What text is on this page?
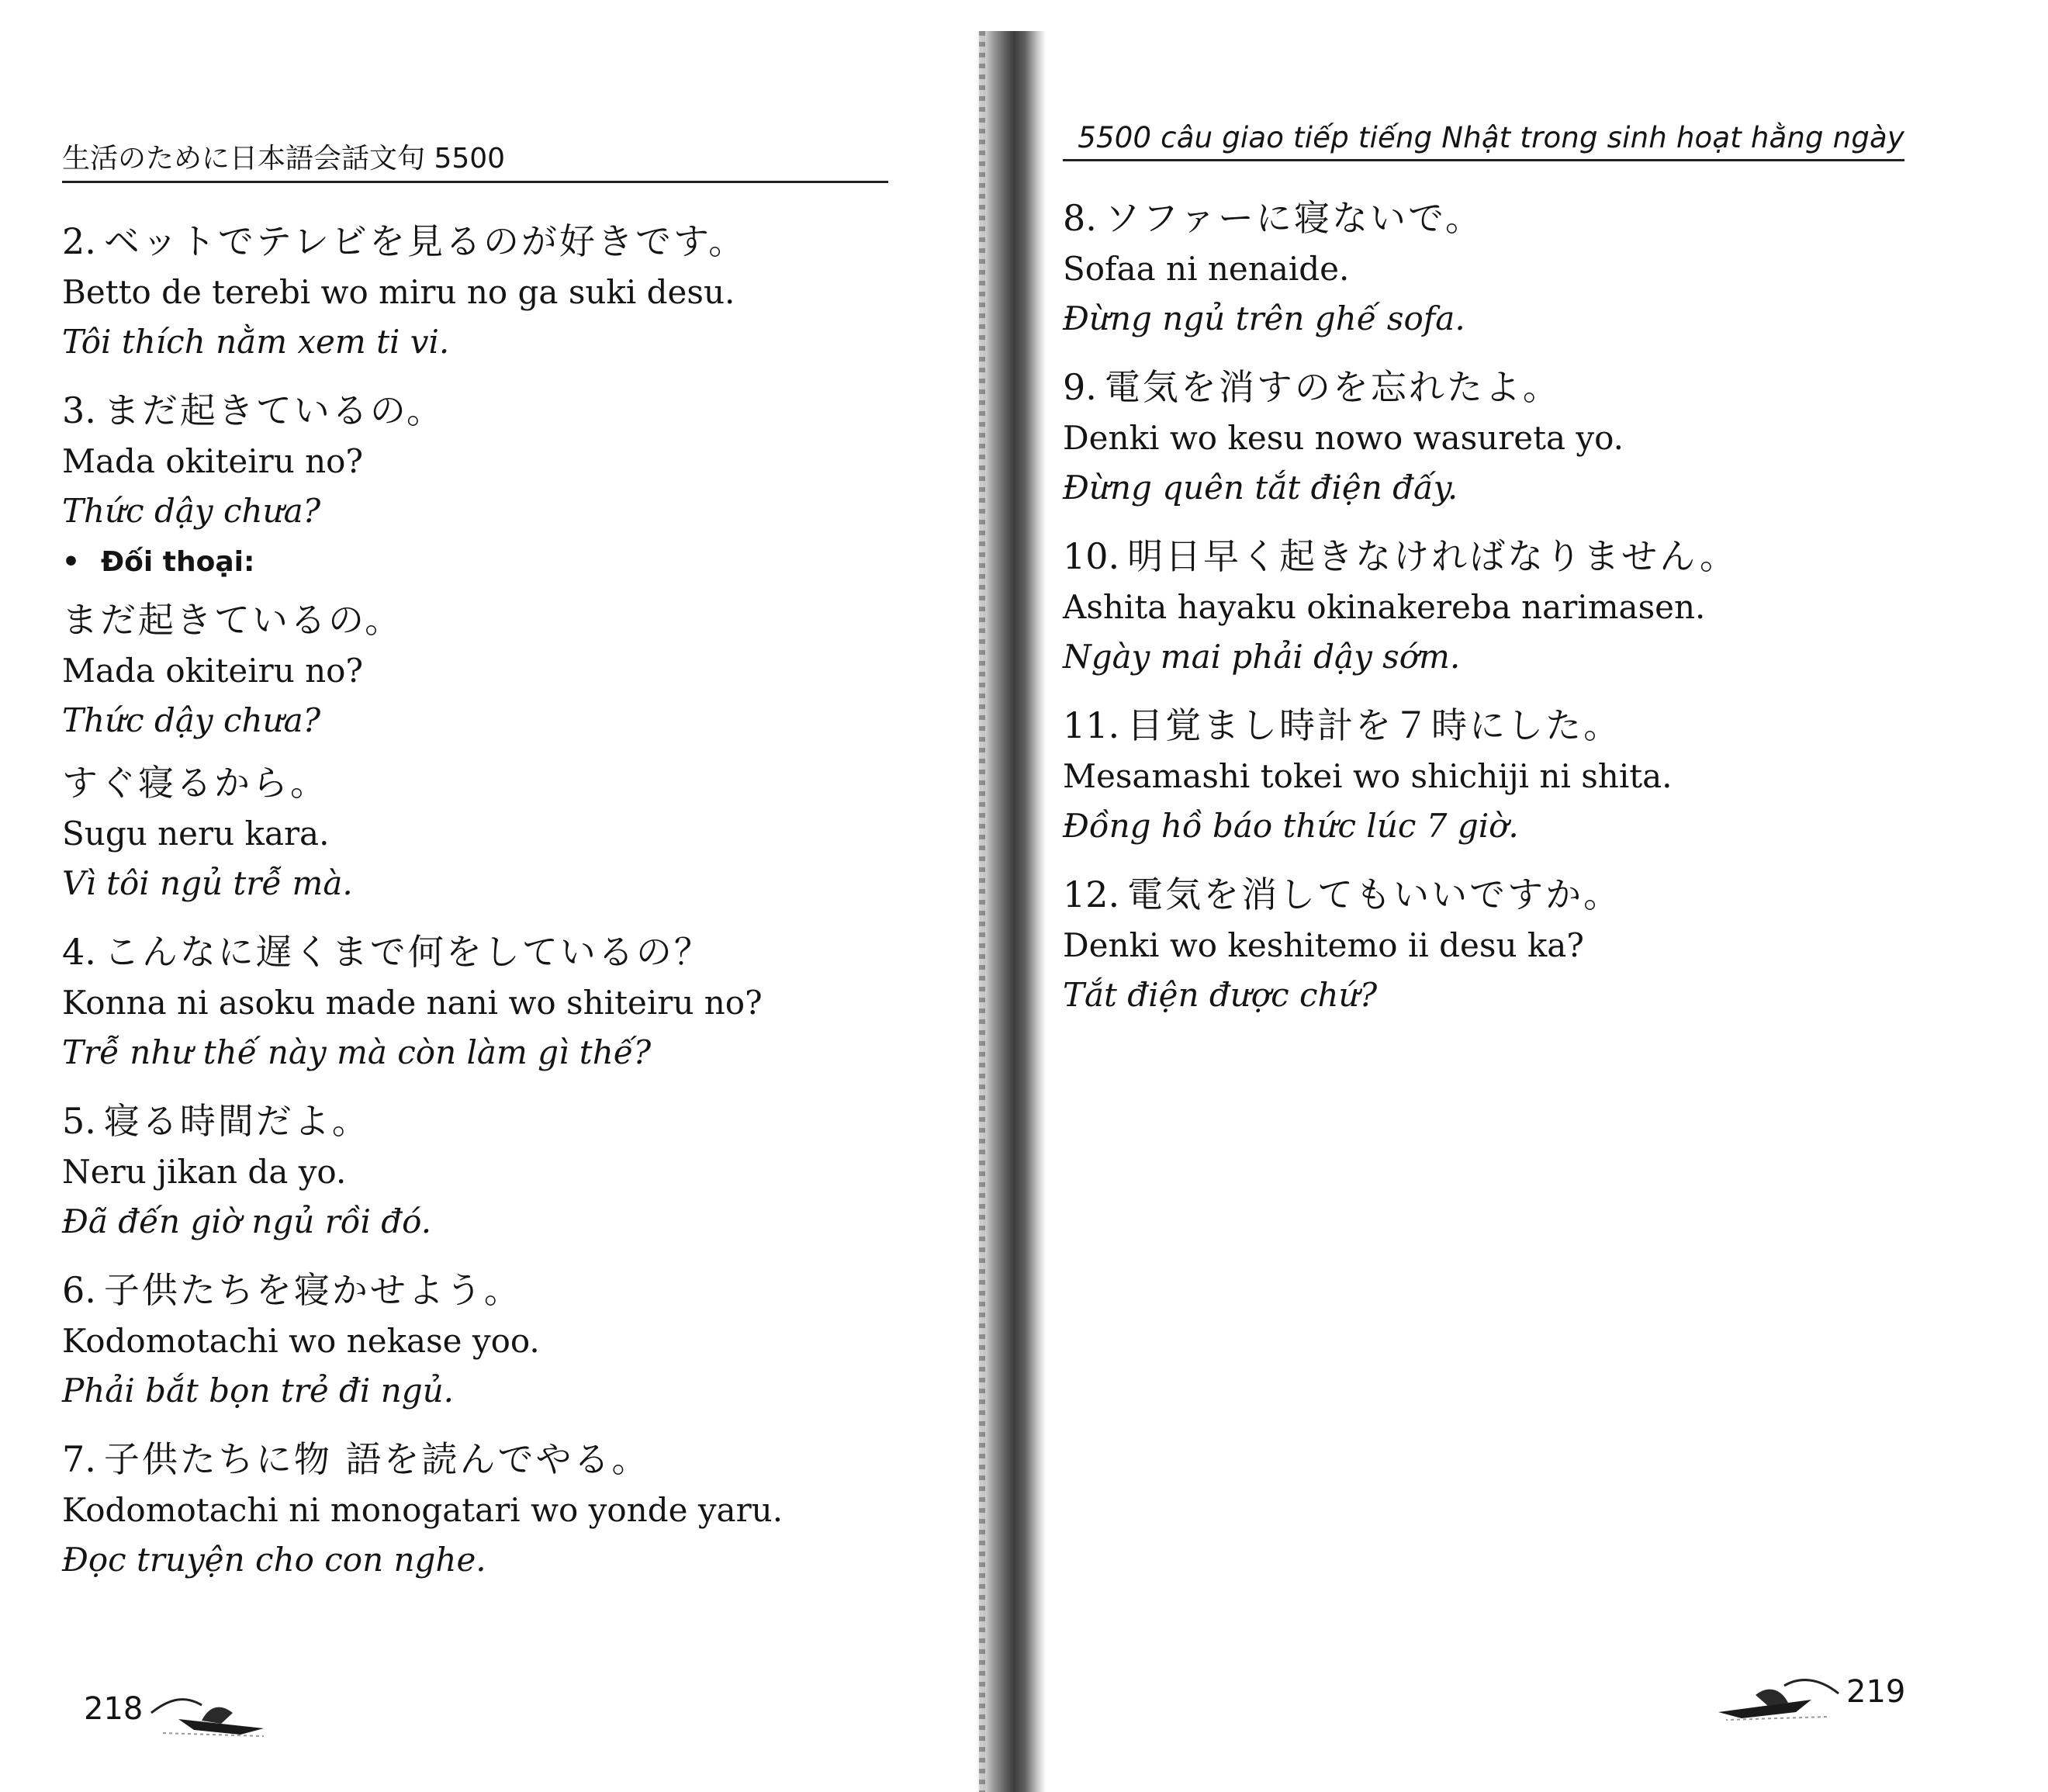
生活のために日本語会話文句 5500
2. ベットでテレビを見るのが好きです。
Betto de terebi wo miru no ga suki desu.
Tôi thích nằm xem ti vi.
3. まだ起きているの。
Mada okiteiru no?
Thức dậy chưa?
• Đối thoại:
まだ起きているの。
Mada okiteiru no?
Thức dậy chưa?
すぐ寝るから。
Sugu neru kara.
Vì tôi ngủ trễ mà.
4. こんなに遅くまで何をしているの？
Konna ni asoku made nani wo shiteiru no?
Trễ như thế này mà còn làm gì thế?
5. 寝る時間だよ。
Neru jikan da yo.
Đã đến giờ ngủ rồi đó.
6. 子供たちを寝かせよう。
Kodomotachi wo nekase yoo.
Phải bắt bọn trẻ đi ngủ.
7. 子供たちに物 語を読んでやる。
Kodomotachi ni monogatari wo yonde yaru.
Đọc truyện cho con nghe.
218
5500 câu giao tiếp tiếng Nhật trong sinh hoạt hằng ngày
8. ソファーに寝ないで。
Sofaa ni nenaide.
Đừng ngủ trên ghế sofa.
9. 電気を消すのを忘れたよ。
Denki wo kesu nowo wasureta yo.
Đừng quên tắt điện đấy.
10. 明日早く起きなければなりません。
Ashita hayaku okinakereba narimasen.
Ngày mai phải dậy sớm.
11. 目覚まし時計を７時にした。
Mesamashi tokei wo shichiji ni shita.
Đồng hồ báo thức lúc 7 giờ.
12. 電気を消してもいいですか。
Denki wo keshitemo ii desu ka?
Tắt điện được chứ?
219
